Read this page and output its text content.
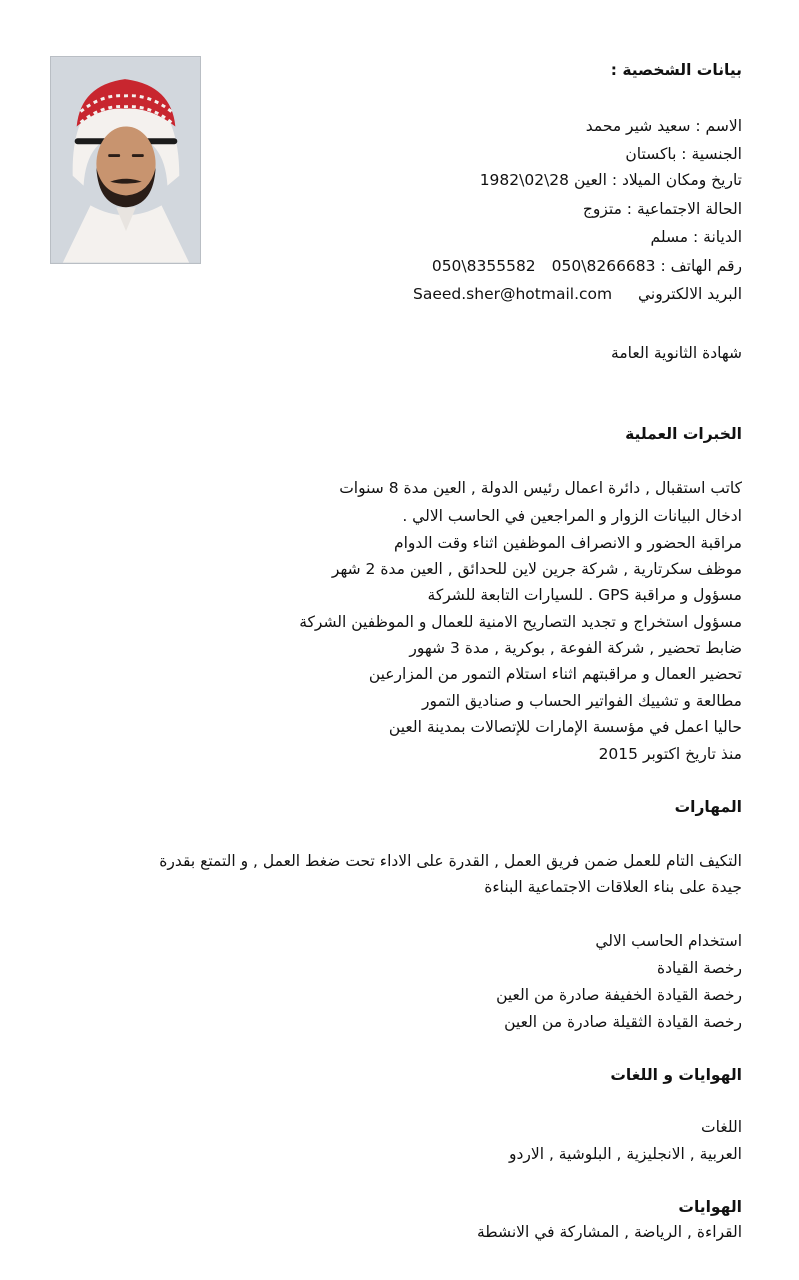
بيانات الشخصية :
الاسم : سعيد شير محمد
الجنسية : باكستان
تاريخ ومكان الميلاد : العين 1982\02\28
الحالة الاجتماعية : متزوج
الديانة : مسلم
رقم الهاتف : 050\8266683050\8355582
البريد الالكتروني  Saeed.sher@hotmail.com
شهادة الثانوية العامة
الخبرات العملية
كاتب استقبال , دائرة اعمال رئيس الدولة , العين مدة 8 سنوات
ادخال البيانات الزوار و المراجعين في الحاسب الالي .
مراقبة الحضور و الانصراف الموظفين اثناء وقت الدوام
موظف سكرتارية , شركة جرين لاين للحدائق , العين مدة 2 شهر
مسؤول و مراقبة GPS . للسيارات التابعة للشركة
مسؤول استخراج و تجديد التصاريح الامنية للعمال و الموظفين الشركة
ضابط تحضير , شركة الفوعة , بوكرية , مدة 3 شهور
تحضير العمال و مراقبتهم اثناء استلام التمور من المزارعين
مطالعة و تشييك الفواتير الحساب و صناديق التمور
حاليا اعمل في مؤسسة الإمارات للإتصالات بمدينة العين
منذ تاريخ اكتوبر 2015
المهارات
التكيف التام للعمل ضمن فريق العمل , القدرة على الاداء تحت ضغط العمل , و التمتع بقدرة
جيدة على بناء العلاقات الاجتماعية البناءة
استخدام الحاسب الالي
رخصة القيادة
رخصة القيادة الخفيفة صادرة من العين
رخصة القيادة الثقيلة صادرة من العين
الهوايات و اللغات
اللغات
العربية , الانجليزية , البلوشية , الاردو
الهوايات
القراءة , الرياضة , المشاركة في الانشطة
